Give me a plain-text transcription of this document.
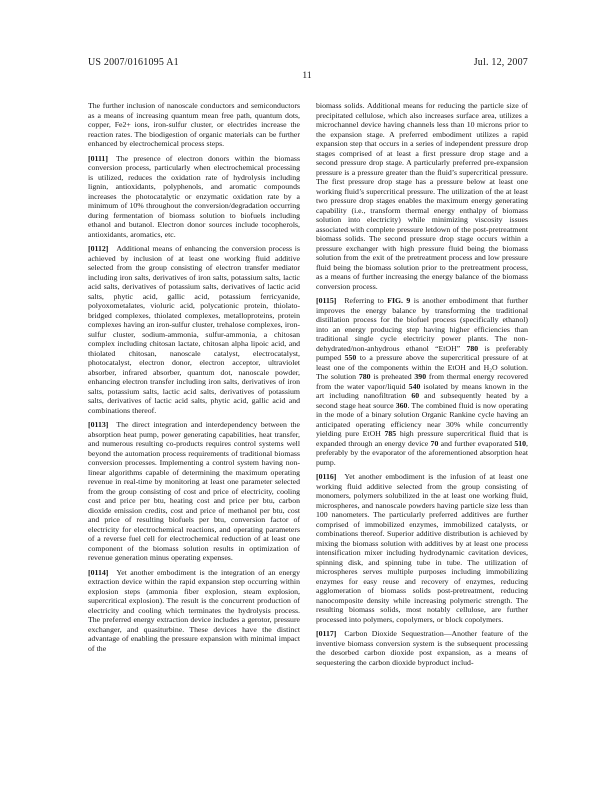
US 2007/0161095 A1	Jul. 12, 2007
11

The further inclusion of nanoscale conductors and semiconductors as a means of increasing quantum mean free path, quantum dots, copper, Fe2+ ions, iron-sulfur cluster, or electrides increase the reaction rates. The biodigestion of organic materials can be further enhanced by electrochemical process steps.

[0111] The presence of electron donors within the biomass conversion process, particularly when electrochemical processing is utilized, reduces the oxidation rate of hydrolysis including lignin, antioxidants, polyphenols, and aromatic compounds increases the photocatalytic or enzymatic oxidation rate by a minimum of 10% throughout the conversion/degradation occurring during fermentation of biomass solution to biofuels including ethanol and butanol. Electron donor sources include tocopherols, antioxidants, aromatics, etc.

[0112] Additional means of enhancing the conversion process is achieved by inclusion of at least one working fluid additive selected from the group consisting of electron transfer mediator including iron salts, derivatives of iron salts, potassium salts, lactic acid salts, derivatives of potassium salts, derivatives of lactic acid salts, phytic acid, gallic acid, potassium ferricyanide, polyoxometalates, violuric acid, polycationic protein, thiolato-bridged complexes, thiolated complexes, metalloproteins, protein complexes having an iron-sulfur cluster, trehalose complexes, iron-sulfur cluster, sodium-ammonia, sulfur-ammonia, a chitosan complex including chitosan lactate, chitosan alpha lipoic acid, and thiolated chitosan, nanoscale catalyst, electrocatalyst, photocatalyst, electron donor, electron acceptor, ultraviolet absorber, infrared absorber, quantum dot, nanoscale powder, enhancing electron transfer including iron salts, derivatives of iron salts, potassium salts, lactic acid salts, derivatives of potassium salts, derivatives of lactic acid salts, phytic acid, gallic acid and combinations thereof.

[0113] The direct integration and interdependency between the absorption heat pump, power generating capabilities, heat transfer, and numerous resulting co-products requires control systems well beyond the automation process requirements of traditional biomass conversion processes. Implementing a control system having non-linear algorithms capable of determining the maximum operating revenue in real-time by monitoring at least one parameter selected from the group consisting of cost and price of electricity, cooling cost and price per btu, heating cost and price per btu, carbon dioxide emission credits, cost and price of methanol per btu, cost and price of resulting biofuels per btu, conversion factor of electricity for electrochemical reactions, and operating parameters of a reverse fuel cell for electrochemical reduction of at least one component of the biomass solution results in optimization of revenue generation minus operating expenses.

[0114] Yet another embodiment is the integration of an energy extraction device within the rapid expansion step occurring within explosion steps (ammonia fiber explosion, steam explosion, supercritical explosion). The result is the concurrent production of electricity and cooling which terminates the hydrolysis process. The preferred energy extraction device includes a gerotor, pressure exchanger, and quasiturbine. These devices have the distinct advantage of enabling the pressure expansion with minimal impact of the

biomass solids. Additional means for reducing the particle size of precipitated cellulose, which also increases surface area, utilizes a microchannel device having channels less than 10 microns prior to the expansion stage. A preferred embodiment utilizes a rapid expansion step that occurs in a series of independent pressure drop stages comprised of at least a first pressure drop stage and a second pressure drop stage. A particularly preferred pre-expansion pressure is a pressure greater than the fluid’s supercritical pressure. The first pressure drop stage has a pressure below at least one working fluid’s supercritical pressure. The utilization of the at least two pressure drop stages enables the maximum energy generating capability (i.e., transform thermal energy enthalpy of biomass solution into electricity) while minimizing viscosity issues associated with complete pressure letdown of the post-pretreatment biomass solids. The second pressure drop stage occurs within a pressure exchanger with high pressure fluid being the biomass solution from the exit of the pretreatment process and low pressure fluid being the biomass solution prior to the pretreatment process, as a means of further increasing the energy balance of the biomass conversion process.

[0115] Referring to FIG. 9 is another embodiment that further improves the energy balance by transforming the traditional distillation process for the biofuel process (specifically ethanol) into an energy producing step having higher efficiencies than traditional single cycle electricity power plants. The non-dehydrated/non-anhydrous ethanol “EtOH” 780 is preferably pumped 550 to a pressure above the supercritical pressure of at least one of the components within the EtOH and H₂O solution. The solution 780 is preheated 390 from thermal energy recovered from the water vapor/liquid 540 isolated by means known in the art including nanofiltration 60 and subsequently heated by a second stage heat source 360. The combined fluid is now operating in the mode of a binary solution Organic Rankine cycle having an anticipated operating efficiency near 30% while concurrently yielding pure EtOH 785 high pressure supercritical fluid that is expanded through an energy device 70 and further evaporated 510, preferably by the evaporator of the aforementioned absorption heat pump.

[0116] Yet another embodiment is the infusion of at least one working fluid additive selected from the group consisting of monomers, polymers solubilized in the at least one working fluid, microspheres, and nanoscale powders having particle size less than 100 nanometers. The particularly preferred additives are further comprised of immobilized enzymes, immobilized catalysts, or combinations thereof. Superior additive distribution is achieved by mixing the biomass solution with additives by at least one process intensification mixer including hydrodynamic cavitation devices, spinning disk, and spinning tube in tube. The utilization of microspheres serves multiple purposes including immobilizing enzymes for easy reuse and recovery of enzymes, reducing agglomeration of biomass solids post-pretreatment, reducing nanocomposite density while increasing polymeric strength. The resulting biomass solids, most notably cellulose, are further processed into polymers, copolymers, or block copolymers.

[0117] Carbon Dioxide Sequestration—Another feature of the inventive biomass conversion system is the subsequent processing the desorbed carbon dioxide post expansion, as a means of sequestering the carbon dioxide byproduct includ-
